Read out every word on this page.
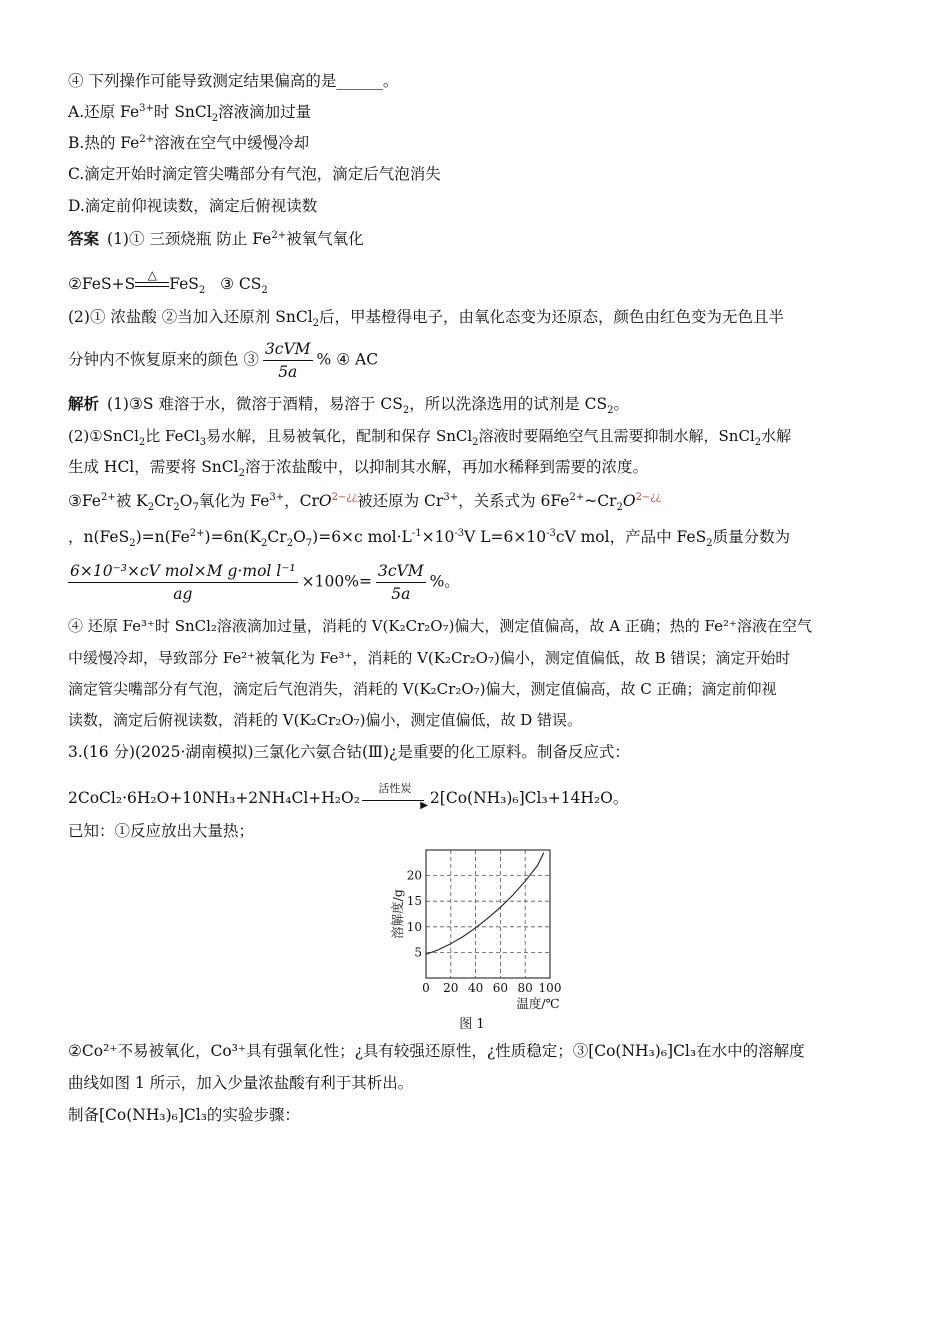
④ 下列操作可能导致测定结果偏高的是______。
A.还原 $Fe^{3+}$时 SnCl$_2$溶液滴加过量
B.热的 $Fe^{2+}$溶液在空气中缓慢冷却
C.滴定开始时滴定管尖嘴部分有气泡，滴定后气泡消失
D.滴定前仰视读数，滴定后俯视读数
答案 (1)① 三颈烧瓶 防止 $Fe^{2+}$被氧气氧化
②FeS+S	△ FeS$_2$ ③ $CS_2$
(2)① 浓盐酸 ②当加入还原剂 SnCl$_2$后，甲基橙得电子，由氧化态变为还原态，颜色由红色变为无色且半
分钟内不恢复原来的颜色 ③ $\frac{\text{3cVM}}{5a}$ % ④ AC
解析 (1)③S 难溶于水，微溶于酒精，易溶于 $CS_2$，所以洗涤选用的试剂是 $CS_2$。
(2)①SnCl$_2$比 FeCl$_3$易水解，且易被氧化，配制和保存 SnCl$_2$溶液时要隔绝空气且需要抑制水解，SnCl$_2$水解
生成 HCl，需要将 SnCl$_2$溶于浓盐酸中，以抑制其水解，再加水稀释到需要的浓度。
$③Fe^{2+}$被 $K_2Cr_2O_7$氧化为 $Fe^{3+}$，CrO$^{2-¿¿}$被还原为 $Cr^{3+}$，关系式为 $6Fe^{2+}\sim Cr_2O^{2-¿¿}$
，$n(FeS_2)=n(Fe^{2+})=6n(K_2Cr_2O_7)=6\times c$ $mol\cdot L^{-1}\times 10^{-3}V$ $L=6\times 10^{-3}cV$ mol，产品中 FeS$_2$质量分数为
$\frac{\text{6×10⁻³×cV mol×M g·mol l⁻¹}}{ag} \times 100\%= \frac{\text{3cVM}}{5a}$ %。
④ 还原 Fe³⁺时 SnCl₂溶液滴加过量，消耗的 V(K₂Cr₂O₇)偏大，测定值偏高，故 A 正确；热的 Fe²⁺溶液在空气
中缓慢冷却，导致部分 Fe²⁺被氧化为 Fe³⁺，消耗的 V(K₂Cr₂O₇)偏小，测定值偏低，故 B 错误；滴定开始时
滴定管尖嘴部分有气泡，滴定后气泡消失，消耗的 V(K₂Cr₂O₇)偏大，测定值偏高，故 C 正确；滴定前仰视
读数，滴定后俯视读数，消耗的 V(K₂Cr₂O₇)偏小，测定值偏低，故 D 错误。
3.(16 分)(2025·湖南模拟)三氯化六氨合钴(Ⅲ)¿是重要的化工原料。制备反应式：
2CoCl₂·6H₂O+10NH₃+2NH₄Cl+H₂O₂
活性炭
▶ 2[Co(NH₃)₆]Cl₃+14H₂O。
已知：①反应放出大量热；
0 20 40 60 80 100
5
10
15
20
温度/℃
溶解度/g
图 1
②Co²⁺不易被氧化，Co³⁺具有强氧化性；¿具有较强还原性，¿性质稳定；③[Co(NH₃)₆]Cl₃在水中的溶解度
曲线如图 1 所示，加入少量浓盐酸有利于其析出。
制备[Co(NH₃)₆]Cl₃的实验步骤：
